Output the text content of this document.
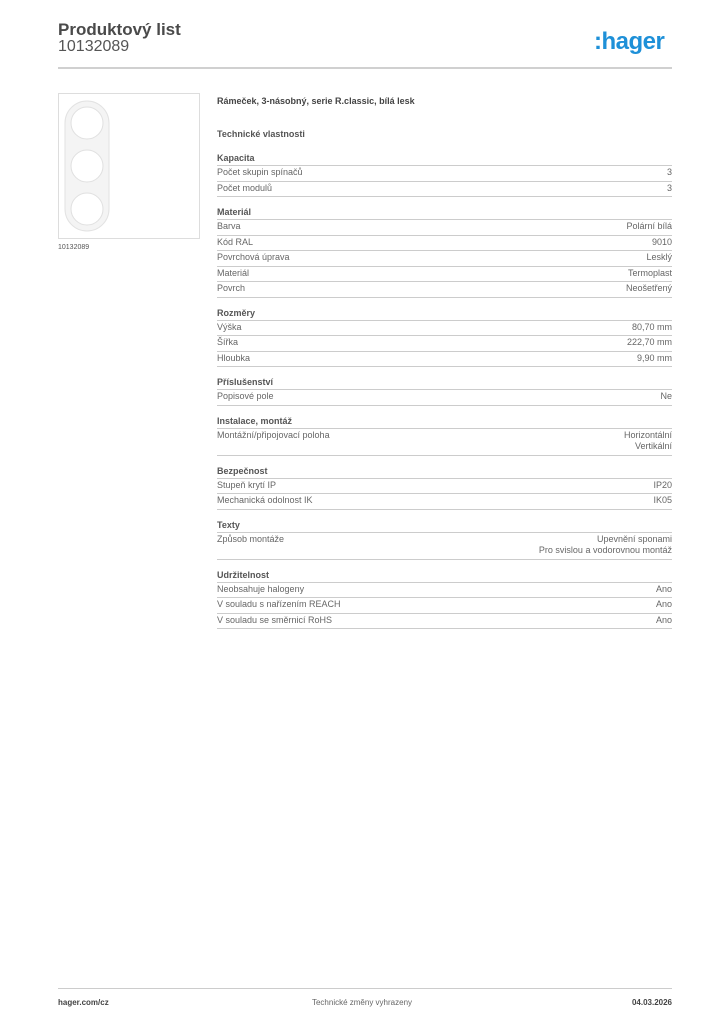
Produktový list
10132089	:hager
10132089
Rámeček, 3-násobný, serie R.classic, bílá lesk
Technické vlastnosti
Kapacita
Počet skupin spínačů	3
Počet modulů	3
Materiál
Barva	Polární bílá
Kód RAL	9010
Povrchová úprava	Lesklý
Materiál	Termoplast
Povrch	Neošetřený
Rozměry
Výška	80,70 mm
Šířka	222,70 mm
Hloubka	9,90 mm
Příslušenství
Popisové pole	Ne
Instalace, montáž
Montážní/připojovací poloha	Horizontální
Vertikální
Bezpečnost
Stupeň krytí IP	IP20
Mechanická odolnost IK	IK05
Texty
Způsob montáže	Upevnění sponami
Pro svislou a vodorovnou montáž
Udržitelnost
Neobsahuje halogeny	Ano
V souladu s nařízením REACH	Ano
V souladu se směrnicí RoHS	Ano
hager.com/cz	Technické změny vyhrazeny	04.03.2026
